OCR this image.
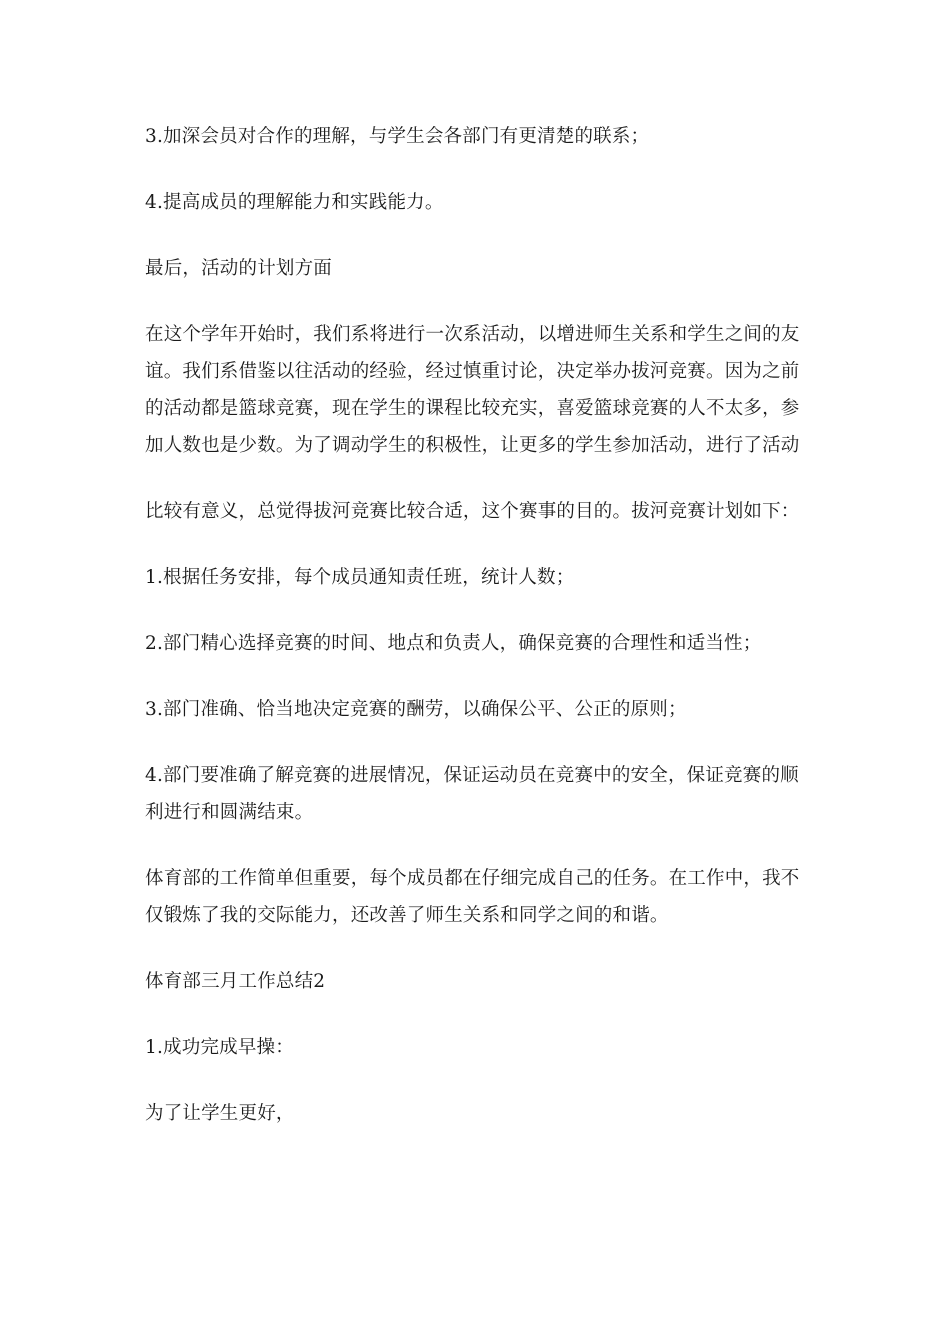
3.加深会员对合作的理解，与学生会各部门有更清楚的联系；

4.提高成员的理解能力和实践能力。

最后，活动的计划方面

在这个学年开始时，我们系将进行一次系活动，以增进师生关系和学生之间的友谊。我们系借鉴以往活动的经验，经过慎重讨论，决定举办拔河竞赛。因为之前的活动都是篮球竞赛，现在学生的课程比较充实，喜爱篮球竞赛的人不太多，参加人数也是少数。为了调动学生的积极性，让更多的学生参加活动，进行了活动

比较有意义，总觉得拔河竞赛比较合适，这个赛事的目的。拔河竞赛计划如下：

1.根据任务安排，每个成员通知责任班，统计人数；

2.部门精心选择竞赛的时间、地点和负责人，确保竞赛的合理性和适当性；

3.部门准确、恰当地决定竞赛的酬劳，以确保公平、公正的原则；

4.部门要准确了解竞赛的进展情况，保证运动员在竞赛中的安全，保证竞赛的顺利进行和圆满结束。

体育部的工作简单但重要，每个成员都在仔细完成自己的任务。在工作中，我不仅锻炼了我的交际能力，还改善了师生关系和同学之间的和谐。

体育部三月工作总结2

1.成功完成早操：

为了让学生更好，
